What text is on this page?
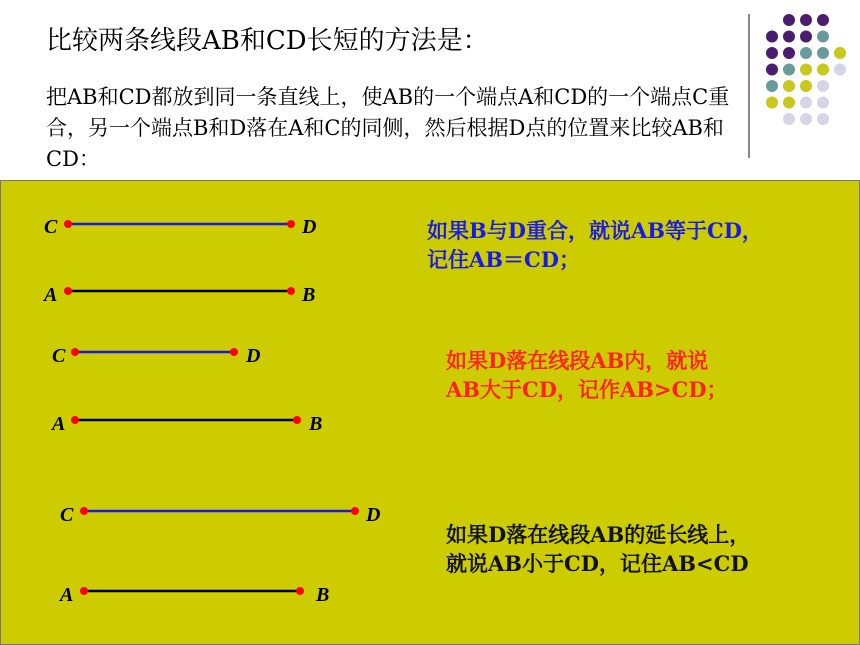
比较两条线段AB和CD长短的方法是：
把AB和CD都放到同一条直线上，使AB的一个端点A和CD的一个端点C重合，另一个端点B和D落在A和C的同侧，然后根据D点的位置来比较AB和CD：
C	D
A	B
C	D
A	B
C	D
A	B
如果B与D重合，就说AB等于CD，
记住AB＝CD；
如果D落在线段AB内，就说
AB大于CD，记作AB>CD；
如果D落在线段AB的延长线上，
就说AB小于CD，记住AB<CD
